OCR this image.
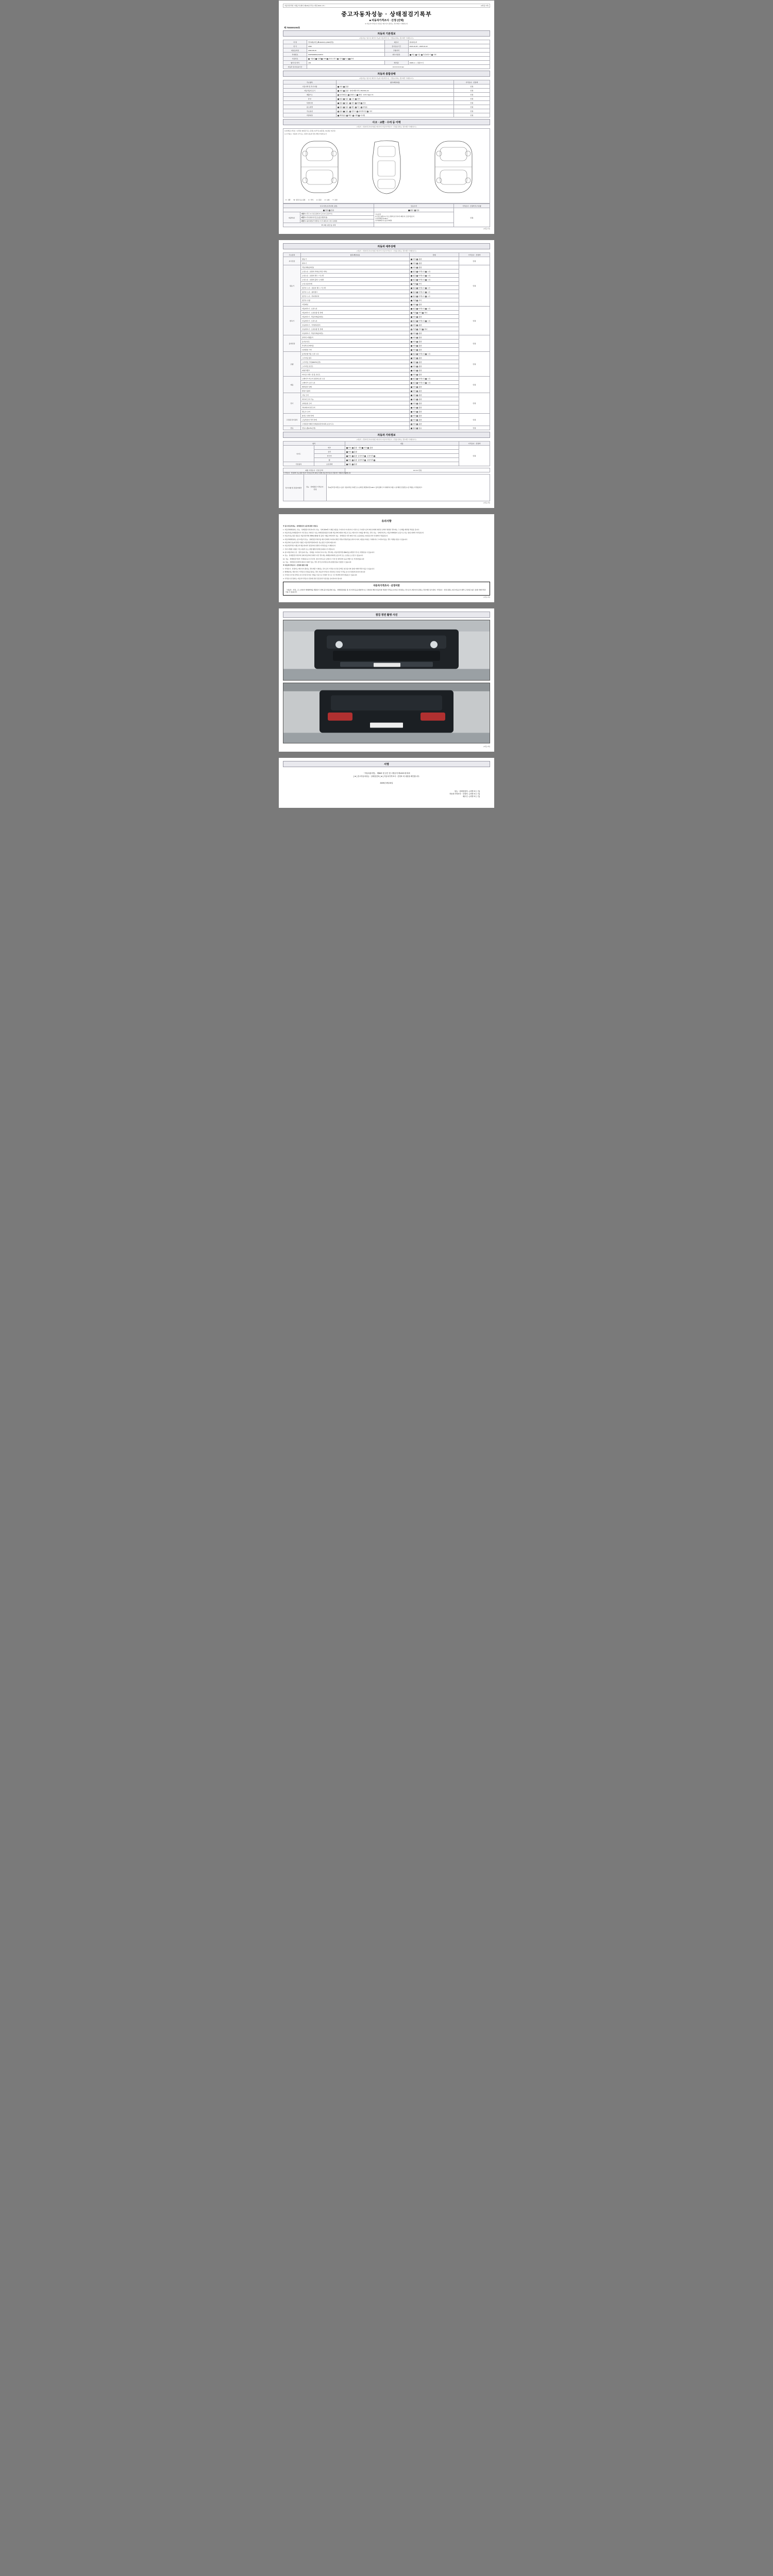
자동차관리법 시행규칙 [별지 제120호서식] <개정 2021.1.5.>	(3쪽중 1쪽)
중고자동차성능 · 상태점검기록부
■ 자동차가격조사 · 산정 (선택)
※ 자동차가격조사·산정은 매수인이 원하는 경우에만 기재합니다.
제 7536000200호
자동차 기본정보
(자동차를 기준으로 확인이 가능한 자동차만으로 · 산정을 원하는 경우에만 기재합니다.)
차 명	싼타페남마트(ⅢL4FAVO) (4WD일반)	제조사	현대자동차
연 식	2020	검사유효기간	2020-10-25 ~ 2025-10-22
최초등록일	2020-06-29	주행거리	
차대번호	KMHS81BNLZ10673	변속기종류	자동 수동 무단변속기 기타
사용연료	가솔린 디젤 LPG 하이브리드 전기 수소 기타		
형식 및 연식	L82	배기량	1998 cc  |  정원 5 인
자동차 검사유효기간	0 0 0 0 0 0 0 km		
자동차 종합상태
(자동차를 기준으로 확인이 가능한 자동차만으로 · 산정을 원하는 경우에만 기재합니다.)
주요항목	항목/해당내용	가격조사 · 산정액
사용이력 및 특기사항	양호 불량	만원
자동차등록 표기	양호 불량   현재 레킹거리 [ 58,349 ] km	만원
배출가스	일산화탄소 탄화수소 매연   0.07L 5ppm %	만원
튜닝	없음 있음  구조 장치	만원
특별이력	없음 있음  침수 화재 전손	만원
용도변경	없음 있음  렌트 리스 영업용	만원
주요옵션	없음 있음  썬루프 내비게이션 기타	만원
리콜대상	해당없음 해당  이행 미이행	만원
사고 · 교환 · 수리 등 이력
(자동차 · 산정의 및 복지사항은 매수인이 자동차가격조사 · 산정을 원하는 경우에만 기재합니다.)
※ [상태표시부호] : ×(교환), W(판금 또는 용접), C(부식), A(흠집), U(요철), T(손상)
※ 수리필요 : 부품의 수리 또는 교환이 필요한 경우 해당 부위에 표기
X : 교환 W : 판금 또는 용접 C : 부식 A : 흠집 U : 요철 T : 손상
사고이력 (수리이력 포함)		단순수리	가격조사 · 산정액 특기사항
없음 있음		없음 있음	만원
외판부위	1랭크 ① 후드 ② 프론트펜더 ③ 도어 ④ 트렁크리드	주요골격
⑨ 프론트패널 ⑩ 크로스멤버 ⑪ 인사이드패널 ⑫ 트렁크플로어
⑬ 필러패널 (A,B,C)
⑭ 대쉬패널 ⑮ 플로어패널	

	2랭크 ⑤ 라디에이터서포트(볼트체결부품)		
	3랭크 ⑥ 쿼터패널(리어펜더) ⑦ 루프패널 ⑧ 사이드실패널		
※ 교환, 판금 등 이력			
(3쪽중 1쪽)
자동차 세부상태
(자동차 · 산정의 및 복지사항은 매수인이 자동차가격조사 · 산정을 원하는 경우에만 기재합니다.)
주요장치	항목/해당내용	상태	가격조사 · 산정액
자기진단	원동기	양호 불량	만원
	변속기	양호 불량	
원동기	작동상태(공회전)	양호 불량	만원
	오일누유 - 실린더 커버(로커암 커버)	없음 미세누유 누유	
	오일누유 - 실린더 헤드 / 가스켓	없음 미세누유 누유	
	오일누유 - 실린더 블록 / 오일팬	없음 미세누유 누유	
	오일 유량 상태	적정 부족	
	냉각수 누수 - 실린더 헤드 / 가스켓	없음 미세누수 누수	
	냉각수 누수 - 워터펌프	없음 미세누수 누수	
	냉각수 누수 - 라디에이터	없음 미세누수 누수	
	냉각수 수량	적정 부족	
	커먼레일	양호 불량	
변속기	자동변속기 - 오일누유	없음 미세누유 누유	만원
	자동변속기 - 오일유량 및 상태	적정 부족 과다	
	자동변속기 - 작동상태(공회전)	양호 불량	
	수동변속기 - 오일누유	없음 미세누유 누유	
	수동변속기 - 기어변속장치	양호 불량	
	수동변속기 - 오일유량 및 상태	적정 부족 과다	
	수동변속기 - 작동상태(공회전)	양호 불량	
동력전달	클러치 어셈블리	양호 불량	만원
	등속조인트	양호 불량	
	추진축 및 베어링	양호 불량	
	디퍼렌셜 기어	양호 불량	
조향	동력조향 작동 오일 누유	없음 미세누유 누유	만원
	스티어링 펌프	양호 불량	
	스티어링 기어(MDPS포함)	양호 불량	
	스티어링 조인트	양호 불량	
	파워크랭크	양호 불량	
	타이로드엔드 및 볼 조인트	양호 불량	
제동	브레이크 마스터 실린더오일 누유	없음 미세누유 누유	만원
	브레이크 오일 누유	없음 미세누유 누유	
	배력장치 상태	양호 불량	
	발전기 출력	양호 불량	
전기	시동 모터	양호 불량	만원
	와이퍼 모터 기능	양호 불량	
	실내송풍 모터	양호 불량	
	라디에이터 팬 모터	양호 불량	
	윈도우 모터	양호 불량	
고전원 전기장치	충전구 절연 상태	양호 불량	만원
	구동축전지 격리 상태	양호 불량	
	고전원전기배선 상태(접속단자/피복,보호기구)	양호 불량	
연료	연료누출(LPG포함)	없음 있음	만원
자동차 기타정보
(자동차 · 산정의 및 복지사항은 매수인이 자동차가격조사 · 산정을 원하는 경우에만 기재합니다.)
항목		내용	가격조사 · 산정액
사이드	외부	양호 불량   내장 양호 불량	만원
	유리	양호 불량	
	타이어	양호 불량  운전석전 운전석후	
	휠	양호 불량  동반석전 동반석후	
기본품목	보유상태	양호 불량	
최종 가격조사 · 산정 금액	0 0 0 0 만원
※ 가격조사 · 산정자의 성능점검기록부 작성일로부터 30일 이내에 자동차가격조사·산정자가 기재하여 제출합니다.
특기사항 및 점검자의견	성능 · 상태점검 가격조사 · 산정	각(4)금액 및 의견표시 불가, 상품자격증 기재단 표시요해 및 변경하다면 n/a%ㅇ 플러싱별기 고기재에서이 매조시 실가확인 검점만료시급 액실등 가격실증되고.
(3쪽중 2쪽)
유의사항

※ 중고자동차성능 · 상태점검자 보증에 관한 사항 등

1. 자동차매매업자는 성능 · 상태점검기록부(이하 ‘성능 · 상태 제30쪽 기재된 내용을 고지하지 아니하거나 거짓으로 고지함으로써 매수인에게 재산상 손해가 발생한 경우에는 그 손해를 배상할 책임을 집니다.

2. 자동차성능상태점검자가 거짓 정보 고의하고 성능·상태점검내용과 실제 자동차에 대하여 매도인 또는 매수인이 이의를 제기하는 경우 성능 · 상태기록부는 자동차매매업자 보증으로 하는 범위 내에서 처리됩니다.

3. 자동차성능점검 내용은 자동차관리법 제58조제4항 및 동법 시행규칙에 따라 성능 · 상태점검 이후 30일 이내, 보증범위는 2천킬로미터 이내에서 적용됩니다.

4. 자동차매매업자는 중고자동차 성능 · 상태점검기록부를 매수인에게 고지하여 확인 서명(기명날인)을 받아야 하며, 내용을 허위로 기재하거나 고지하지 않는 경우 처벌을 받을 수 있습니다.

5. 자동차의 성능에 관한 사항은 자동차관리법에 따른 성능점검 기준에 따릅니다.

6. 자동차관리법 시행규칙 별표에 따라 점검자의 성명과 자격번호를 기재합니다.

7. 기타 자세한 사항은 국토교통부 또는 관할 행정기관에 문의하시기 바랍니다.

8. 중고자동차의 구조 · 장치 등의 성능 · 상태를 고지하지 아니 하는 경우에는 자동차관리법 제58조를 위반한 것으로 처벌받을 수 있습니다.

9. 성능 · 상태점검기록부와 실제 자동차의 상태가 다른 경우에는 매매업자에게 보증수리 또는 보상을 요구할 수 있습니다.

10. 성능 · 상태점검기록부 기재내용 중 사고이력, 침수이력 등은 보험사고 기록 및 정비이력 등을 바탕으로 작성되었습니다.

11. 성능 · 상태점검 결과에 대하여 이의가 있는 경우 한국소비자원 등에 분쟁조정을 신청할 수 있습니다.

※ 자동차가격조사 · 산정에 관한 사항

1. 가격조사 · 산정자는 매수인이 원하는 경우에만 기재하는 것으로서 가격조사·산정 금액은 참고용이며 실제 거래가격과 다를 수 있습니다.

2. 매매업자는 매수인이 가격조사·산정을 원하는 경우 자동차가격조사·산정자로 하여금 가격을 조사·산정하게 하여야 합니다.

3. 가격조사·산정 금액은 조사·산정 당시의 시세를 기준으로 산정한 것으로 시간 경과에 따라 변동될 수 있습니다.

4. 가격조사·산정자는 자동차가격조사·산정에 관한 전문성과 독립성을 유지하여야 합니다.

자동차가격조사 · 산정이란
「자동차 · 산정」은 소비자가 매매계약을 체결하기 전에 중고자동차의 성능 · 상태점검내용 및 사고이력 등을 종합적으로 고려하여 해당 자동차의 적정한 가격을 조사하고 산정하는 것으로서, 매수인이 원하는 경우에만 실시하며, 가격조사 · 산정 결과는 참고자료로서 법적 구속력은 없고 실제 거래가격과 다를 수 있습니다.
(3쪽중 3쪽)
점검 정면 촬영 사진
(3쪽중 3쪽)
서명
「자동차관리법」 제58조 및 같은 법 시행규칙 제120조에 따라
[ ▼ ] 중고자동차성능 · 상태점검표 [ ▼ ] 자동차가격조사 · 산정표 의 내용을 확인합니다.
2025년 0월 00일
성능 · 상태점검자 : (서명 또는 인)
자동차가격조사 · 산정자 : (서명 또는 인)
매수인 : (서명 또는 인)
